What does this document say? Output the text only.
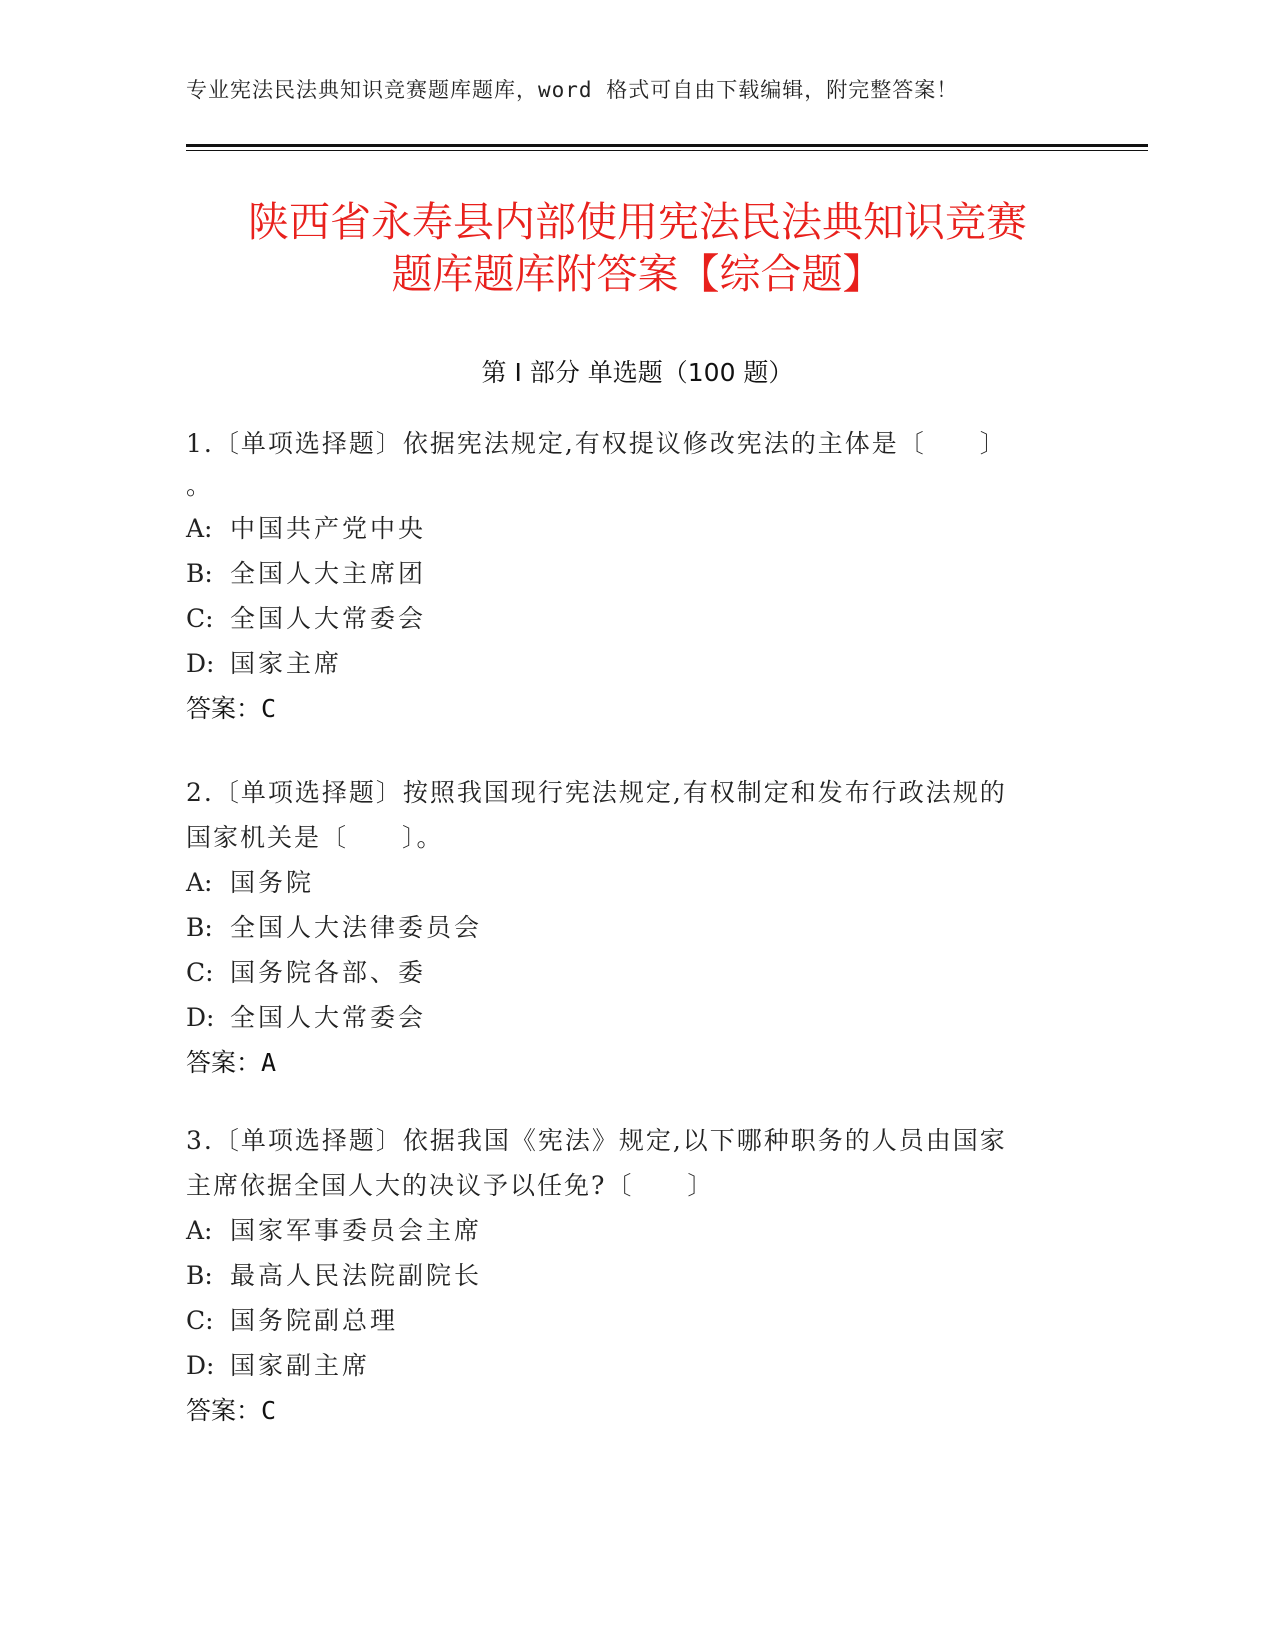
专业宪法民法典知识竞赛题库题库，word 格式可自由下载编辑，附完整答案！
陕西省永寿县内部使用宪法民法典知识竞赛
题库题库附答案【综合题】
第 I 部分 单选题（100 题）

1.〔单项选择题〕依据宪法规定,有权提议修改宪法的主体是〔　　〕

。

A: 中国共产党中央

B: 全国人大主席团

C: 全国人大常委会

D: 国家主席

答案：C

2.〔单项选择题〕按照我国现行宪法规定,有权制定和发布行政法规的

国家机关是〔　　〕。

A: 国务院

B: 全国人大法律委员会

C: 国务院各部、委

D: 全国人大常委会

答案：A

3.〔单项选择题〕依据我国《宪法》规定,以下哪种职务的人员由国家

主席依据全国人大的决议予以任免?〔　　〕

A: 国家军事委员会主席

B: 最高人民法院副院长

C: 国务院副总理

D: 国家副主席

答案：C
